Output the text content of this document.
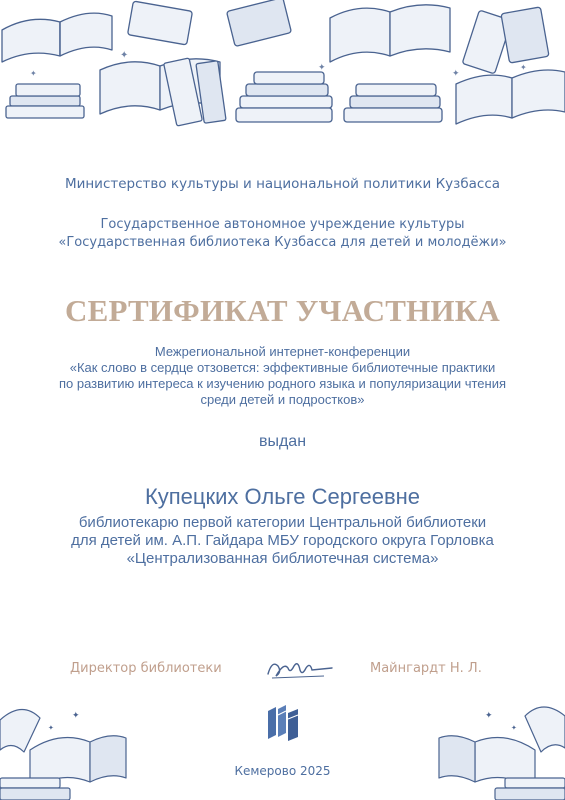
✦
✦
✦
✦
✦

Министерство культуры и национальной политики Кузбасса

Государственное автономное учреждение культуры

«Государственная библиотека Кузбасса для детей и молодёжи»

СЕРТИФИКАТ УЧАСТНИКА

Межрегиональной интернет-конференции

«Как слово в сердце отзовется: эффективные библиотечные практики

по развитию интереса к изучению родного языка и популяризации чтения

среди детей и подростков»

выдан

Купецких Ольге Сергеевне

библиотекарю первой категории Центральной библиотеки

для детей им. А.П. Гайдара МБУ городского округа Горловка

«Централизованная библиотечная система»

Директор библиотеки	Майнгардт Н. Л.
✦
✦
✦
✦

Кемерово 2025
